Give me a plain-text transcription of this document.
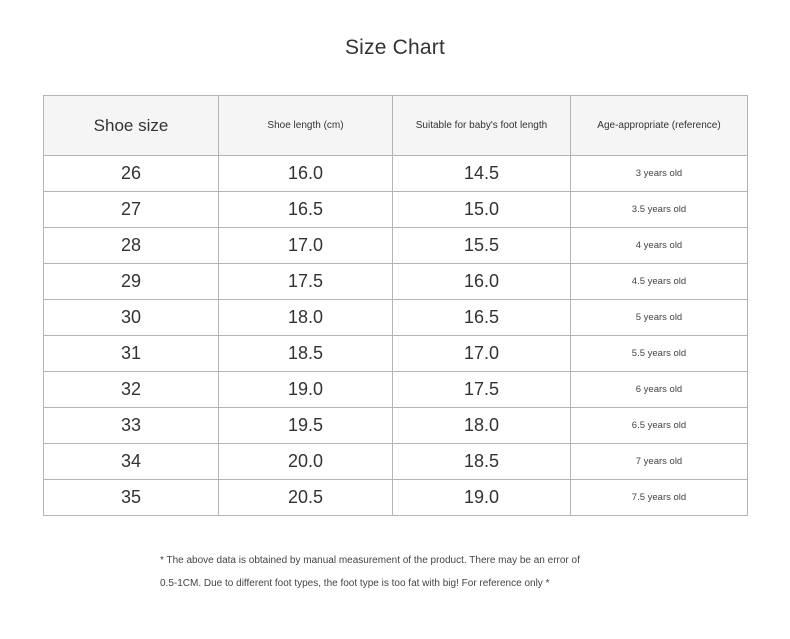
Size Chart
Shoe size	Shoe length (cm)	Suitable for baby's foot length	Age-appropriate (reference)
26	16.0	14.5	3 years old
27	16.5	15.0	3.5 years old
28	17.0	15.5	4 years old
29	17.5	16.0	4.5 years old
30	18.0	16.5	5 years old
31	18.5	17.0	5.5 years old
32	19.0	17.5	6 years old
33	19.5	18.0	6.5 years old
34	20.0	18.5	7 years old
35	20.5	19.0	7.5 years old
* The above data is obtained by manual measurement of the product. There may be an error of
0.5-1CM. Due to different foot types, the foot type is too fat with big! For reference only *
